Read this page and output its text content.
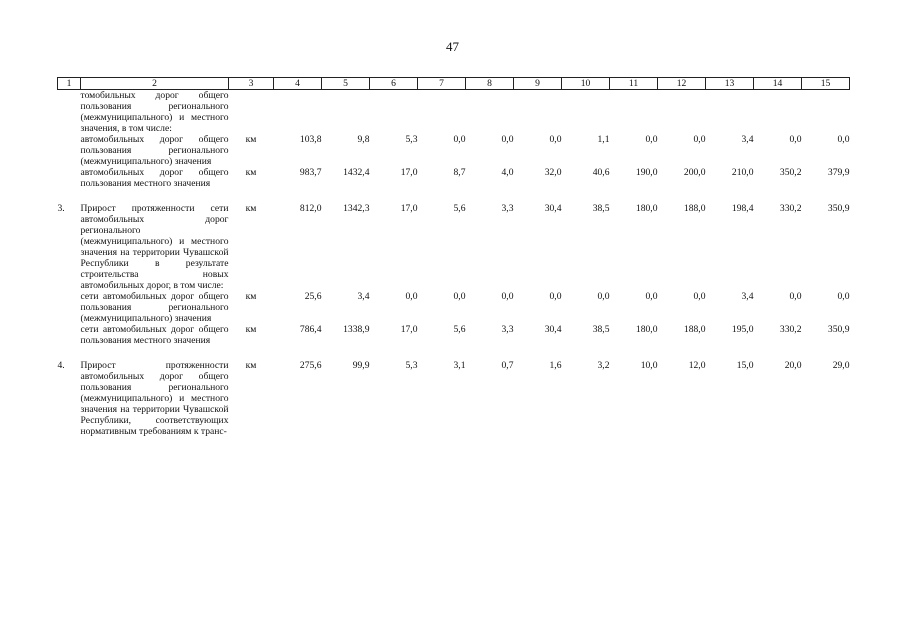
47
1	2	3	4	5	6	7	8	9	10	11	12	13	14	15
	томобильных дорог общего пользования регионального (межмуниципального) и местного значения, в том числе:													
	автомобильных дорог общего пользования регионального (межмуниципального) значения	км	103,8	9,8	5,3	0,0	0,0	0,0	1,1	0,0	0,0	3,4	0,0	0,0
	автомобильных дорог общего пользования местного значения	км	983,7	1432,4	17,0	8,7	4,0	32,0	40,6	190,0	200,0	210,0	350,2	379,9

3.	Прирост протяженности сети автомобильных дорог регионального (межмуниципального) и местного значения на территории Чувашской Республики в результате строительства новых автомобильных дорог, в том числе:	км	812,0	1342,3	17,0	5,6	3,3	30,4	38,5	180,0	188,0	198,4	330,2	350,9
	сети автомобильных дорог общего пользования регионального (межмуниципального) значения	км	25,6	3,4	0,0	0,0	0,0	0,0	0,0	0,0	0,0	3,4	0,0	0,0
	сети автомобильных дорог общего пользования местного значения	км	786,4	1338,9	17,0	5,6	3,3	30,4	38,5	180,0	188,0	195,0	330,2	350,9

4.	Прирост протяженности автомобильных дорог общего пользования регионального (межмуниципального) и местного значения на территории Чувашской Республики, соответствующих нормативным требованиям к транс-	км	275,6	99,9	5,3	3,1	0,7	1,6	3,2	10,0	12,0	15,0	20,0	29,0
